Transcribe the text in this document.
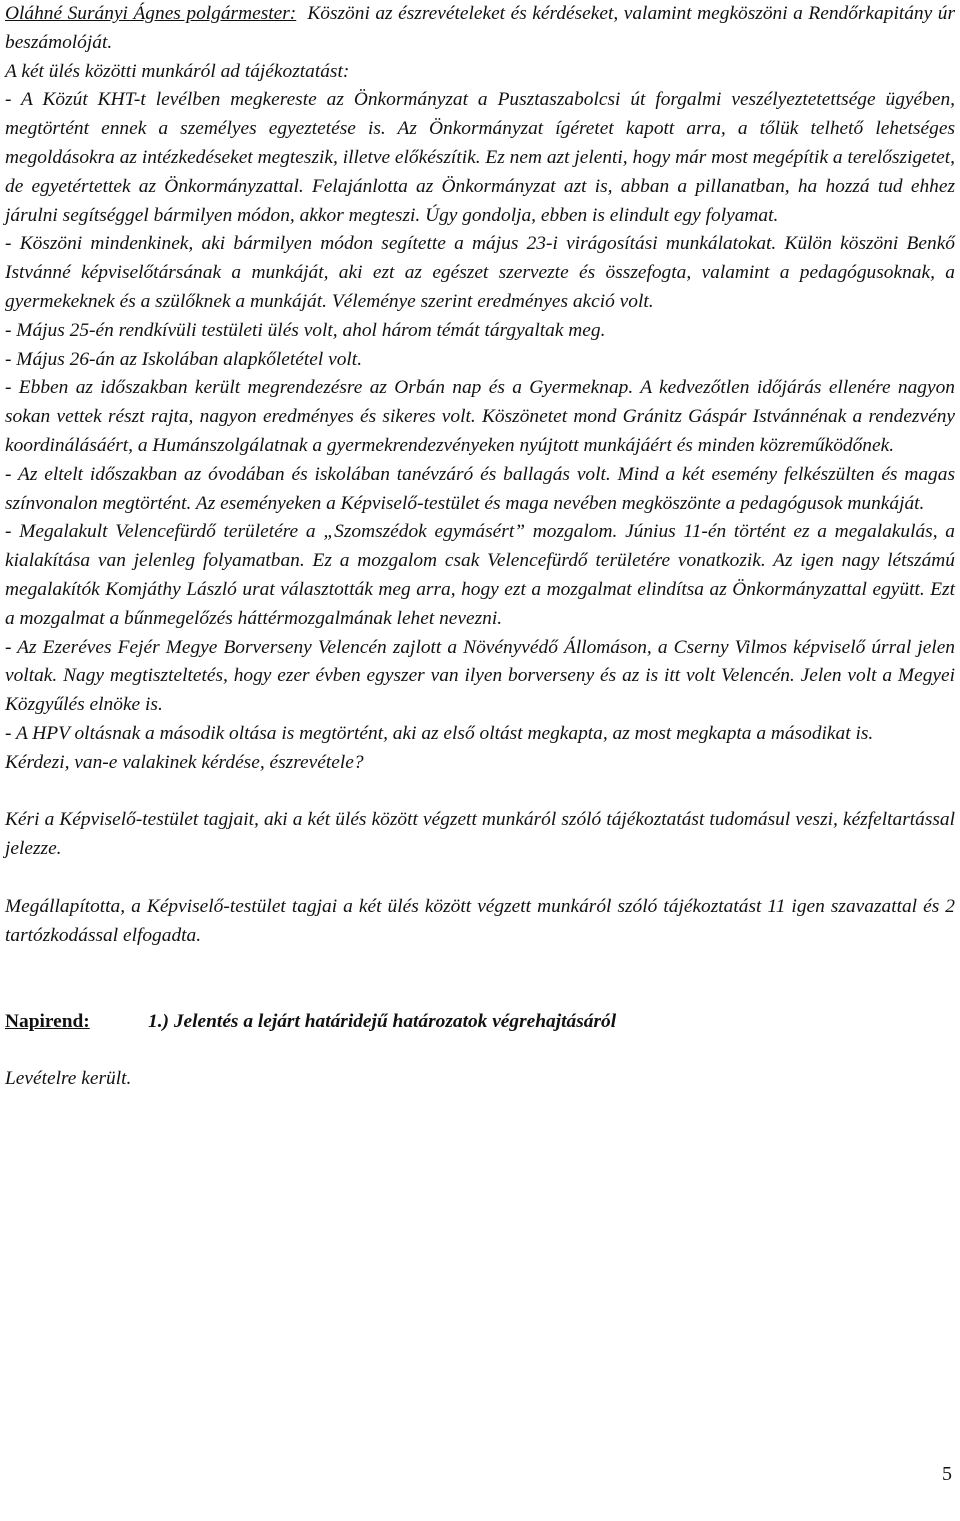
Oláhné Surányi Ágnes polgármester:  Köszöni az észrevételeket és kérdéseket, valamint megköszöni a Rendőrkapitány úr beszámolóját.

A két ülés közötti munkáról ad tájékoztatást:

- A Közút KHT-t levélben megkereste az Önkormányzat a Pusztaszabolcsi út forgalmi veszélyeztetettsége ügyében, megtörtént ennek a személyes egyeztetése is. Az Önkormányzat ígéretet kapott arra, a tőlük telhető lehetséges megoldásokra az intézkedéseket megteszik, illetve előkészítik. Ez nem azt jelenti, hogy már most megépítik a terelőszigetet, de egyetértettek az Önkormányzattal. Felajánlotta az Önkormányzat azt is, abban a pillanatban, ha hozzá tud ehhez járulni segítséggel bármilyen módon, akkor megteszi. Úgy gondolja, ebben is elindult egy folyamat.

- Köszöni mindenkinek, aki bármilyen módon segítette a május 23-i virágosítási munkálatokat. Külön köszöni Benkő Istvánné képviselőtársának a munkáját, aki ezt az egészet szervezte és összefogta, valamint a pedagógusoknak, a gyermekeknek és a szülőknek a munkáját. Véleménye szerint eredményes akció volt.

- Május 25-én rendkívüli testületi ülés volt, ahol három témát tárgyaltak meg.

- Május 26-án az Iskolában alapkőletétel volt.

- Ebben az időszakban került megrendezésre az Orbán nap és a Gyermeknap. A kedvezőtlen időjárás ellenére nagyon sokan vettek részt rajta, nagyon eredményes és sikeres volt. Köszönetet mond Gránitz Gáspár Istvánnénak a rendezvény koordinálásáért, a Humánszolgálatnak a gyermekrendezvényeken nyújtott munkájáért és minden közreműködőnek.

- Az eltelt időszakban az óvodában és iskolában tanévzáró és ballagás volt. Mind a két esemény felkészülten és magas színvonalon megtörtént. Az eseményeken a Képviselő-testület és maga nevében megköszönte a pedagógusok munkáját.

- Megalakult Velencefürdő területére a „Szomszédok egymásért” mozgalom. Június 11-én történt ez a megalakulás, a kialakítása van jelenleg folyamatban. Ez a mozgalom csak Velencefürdő területére vonatkozik. Az igen nagy létszámú megalakítók Komjáthy László urat választották meg arra, hogy ezt a mozgalmat elindítsa az Önkormányzattal együtt. Ezt a mozgalmat a bűnmegelőzés háttérmozgalmának lehet nevezni.

- Az Ezeréves Fejér Megye Borverseny Velencén zajlott a Növényvédő Állomáson, a Cserny Vilmos képviselő úrral jelen voltak. Nagy megtiszteltetés, hogy ezer évben egyszer van ilyen borverseny és az is itt volt Velencén. Jelen volt a Megyei Közgyűlés elnöke is.

- A HPV oltásnak a második oltása is megtörtént, aki az első oltást megkapta, az most megkapta a másodikat is.

Kérdezi, van-e valakinek kérdése, észrevétele?

Kéri a Képviselő-testület tagjait, aki a két ülés között végzett munkáról szóló tájékoztatást tudomásul veszi, kézfeltartással jelezze.

Megállapította, a Képviselő-testület tagjai a két ülés között végzett munkáról szóló tájékoztatást 11 igen szavazattal és 2 tartózkodással elfogadta.

Napirend:	1.) Jelentés a lejárt határidejű határozatok végrehajtásáról

Levételre került.

5
